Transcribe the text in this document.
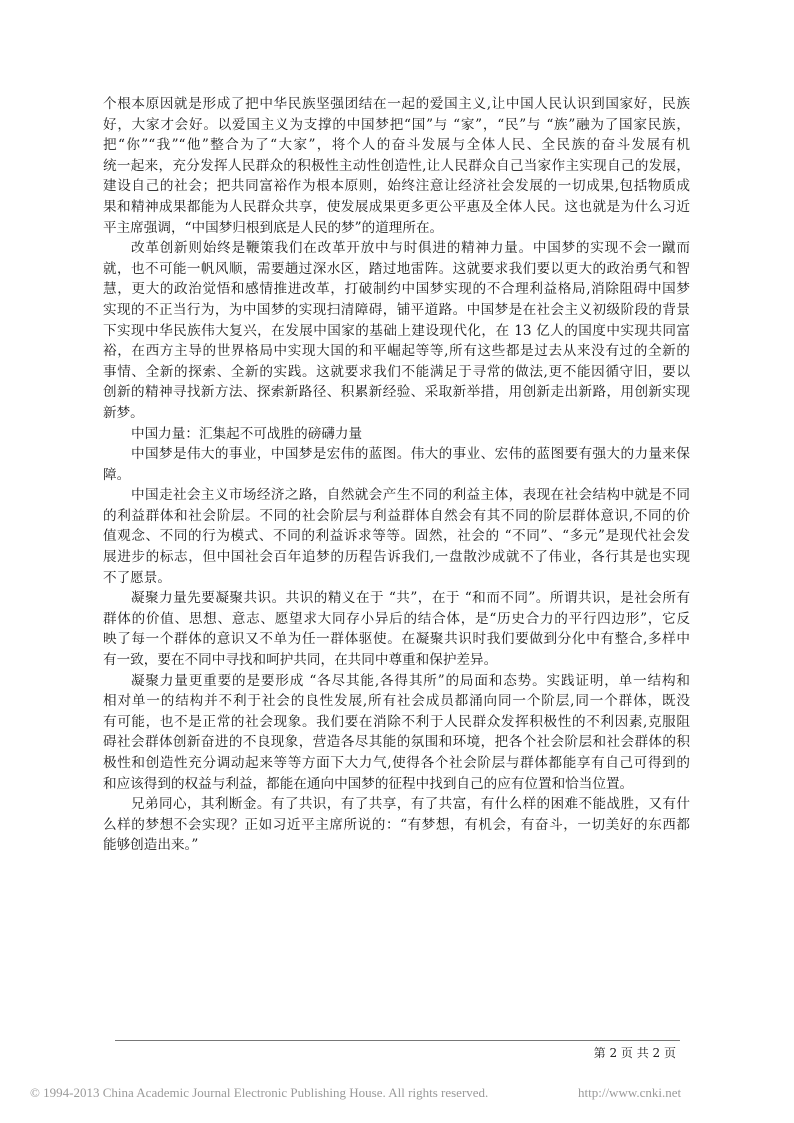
个根本原因就是形成了把中华民族坚强团结在一起的爱国主义,让中国人民认识到国家好，民族
好，大家才会好。以爱国主义为支撑的中国梦把“国”与 “家”，“民”与 “族”融为了国家民族，
把“你”“我”“他”整合为了“大家”，将个人的奋斗发展与全体人民、全民族的奋斗发展有机
统一起来，充分发挥人民群众的积极性主动性创造性,让人民群众自己当家作主实现自己的发展，
建设自己的社会；把共同富裕作为根本原则，始终注意让经济社会发展的一切成果,包括物质成
果和精神成果都能为人民群众共享，使发展成果更多更公平惠及全体人民。这也就是为什么习近
平主席强调，“中国梦归根到底是人民的梦”的道理所在。
改革创新则始终是鞭策我们在改革开放中与时俱进的精神力量。中国梦的实现不会一蹴而
就，也不可能一帆风顺，需要趟过深水区，踏过地雷阵。这就要求我们要以更大的政治勇气和智
慧，更大的政治觉悟和感情推进改革，打破制约中国梦实现的不合理利益格局,消除阻碍中国梦
实现的不正当行为，为中国梦的实现扫清障碍，铺平道路。中国梦是在社会主义初级阶段的背景
下实现中华民族伟大复兴，在发展中国家的基础上建设现代化，在 13 亿人的国度中实现共同富
裕，在西方主导的世界格局中实现大国的和平崛起等等,所有这些都是过去从来没有过的全新的
事情、全新的探索、全新的实践。这就要求我们不能满足于寻常的做法,更不能因循守旧，要以
创新的精神寻找新方法、探索新路径、积累新经验、采取新举措，用创新走出新路，用创新实现
新梦。
中国力量：汇集起不可战胜的磅礴力量
中国梦是伟大的事业，中国梦是宏伟的蓝图。伟大的事业、宏伟的蓝图要有强大的力量来保
障。
中国走社会主义市场经济之路，自然就会产生不同的利益主体，表现在社会结构中就是不同
的利益群体和社会阶层。不同的社会阶层与利益群体自然会有其不同的阶层群体意识,不同的价
值观念、不同的行为模式、不同的利益诉求等等。固然，社会的 “不同”、“多元”是现代社会发
展进步的标志，但中国社会百年追梦的历程告诉我们,一盘散沙成就不了伟业，各行其是也实现
不了愿景。
凝聚力量先要凝聚共识。共识的精义在于 “共”，在于 “和而不同”。所谓共识，是社会所有
群体的价值、思想、意志、愿望求大同存小异后的结合体，是“历史合力的平行四边形”，它反
映了每一个群体的意识又不单为任一群体驱使。在凝聚共识时我们要做到分化中有整合,多样中
有一致，要在不同中寻找和呵护共同，在共同中尊重和保护差异。
凝聚力量更重要的是要形成 “各尽其能,各得其所”的局面和态势。实践证明，单一结构和
相对单一的结构并不利于社会的良性发展,所有社会成员都涌向同一个阶层,同一个群体，既没
有可能，也不是正常的社会现象。我们要在消除不利于人民群众发挥积极性的不利因素,克服阻
碍社会群体创新奋进的不良现象，营造各尽其能的氛围和环境，把各个社会阶层和社会群体的积
极性和创造性充分调动起来等等方面下大力气,使得各个社会阶层与群体都能享有自己可得到的
和应该得到的权益与利益，都能在通向中国梦的征程中找到自己的应有位置和恰当位置。
兄弟同心，其利断金。有了共识，有了共享，有了共富，有什么样的困难不能战胜，又有什
么样的梦想不会实现？正如习近平主席所说的：“有梦想，有机会，有奋斗，一切美好的东西都
能够创造出来。”
第 2 页 共 2 页
© 1994-2013 China Academic Journal Electronic Publishing House. All rights reserved.	http://www.cnki.net
